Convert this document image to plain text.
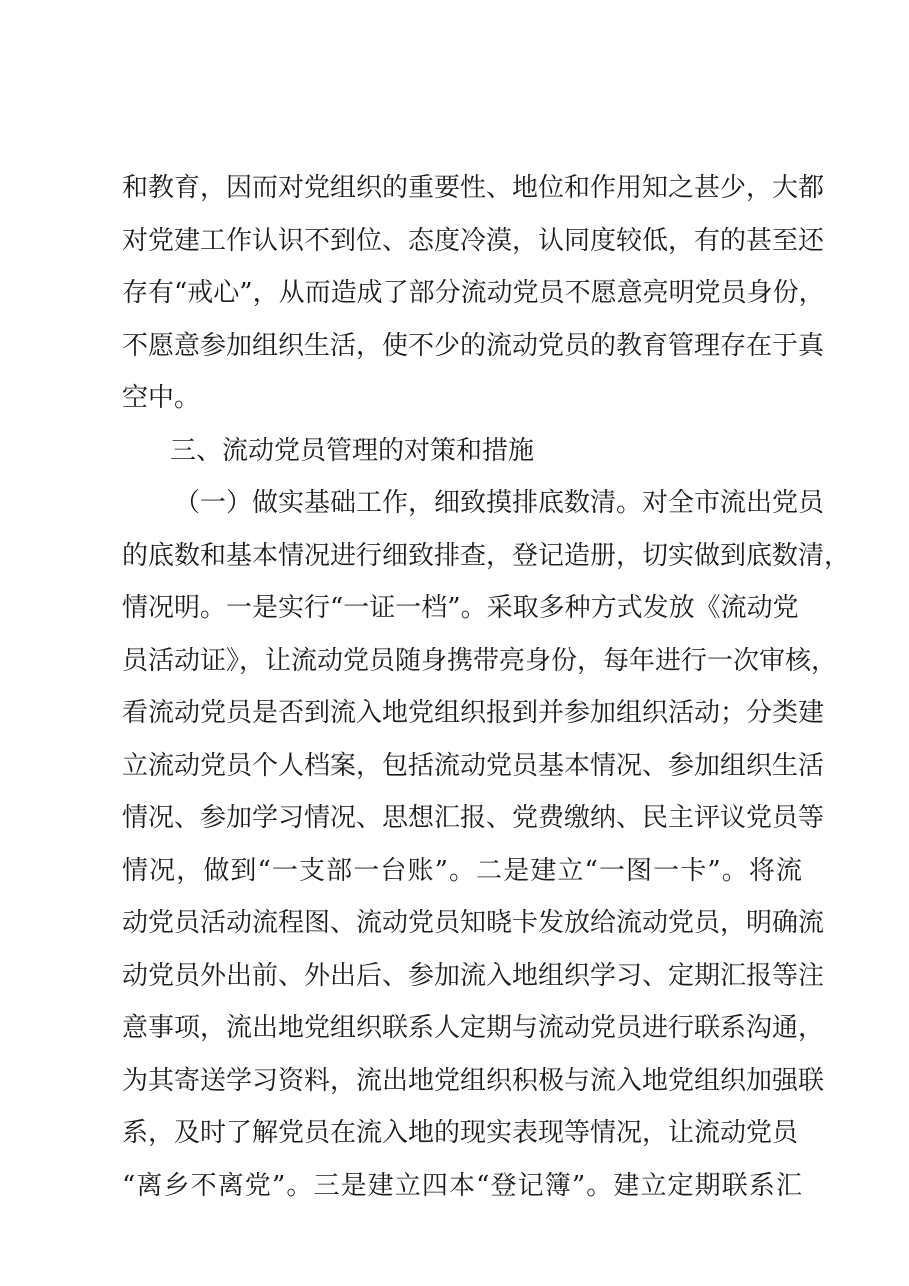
和教育，因而对党组织的重要性、地位和作用知之甚少，大都
对党建工作认识不到位、态度冷漠，认同度较低，有的甚至还
存有“戒心”，从而造成了部分流动党员不愿意亮明党员身份，
不愿意参加组织生活，使不少的流动党员的教育管理存在于真
空中。
三、流动党员管理的对策和措施
（一）做实基础工作，细致摸排底数清。对全市流出党员
的底数和基本情况进行细致排查，登记造册，切实做到底数清，
情况明。一是实行“一证一档”。采取多种方式发放《流动党
员活动证》，让流动党员随身携带亮身份，每年进行一次审核，
看流动党员是否到流入地党组织报到并参加组织活动；分类建
立流动党员个人档案，包括流动党员基本情况、参加组织生活
情况、参加学习情况、思想汇报、党费缴纳、民主评议党员等
情况，做到“一支部一台账”。二是建立“一图一卡”。将流
动党员活动流程图、流动党员知晓卡发放给流动党员，明确流
动党员外出前、外出后、参加流入地组织学习、定期汇报等注
意事项，流出地党组织联系人定期与流动党员进行联系沟通，
为其寄送学习资料，流出地党组织积极与流入地党组织加强联
系，及时了解党员在流入地的现实表现等情况，让流动党员
“离乡不离党”。三是建立四本“登记簿”。建立定期联系汇
